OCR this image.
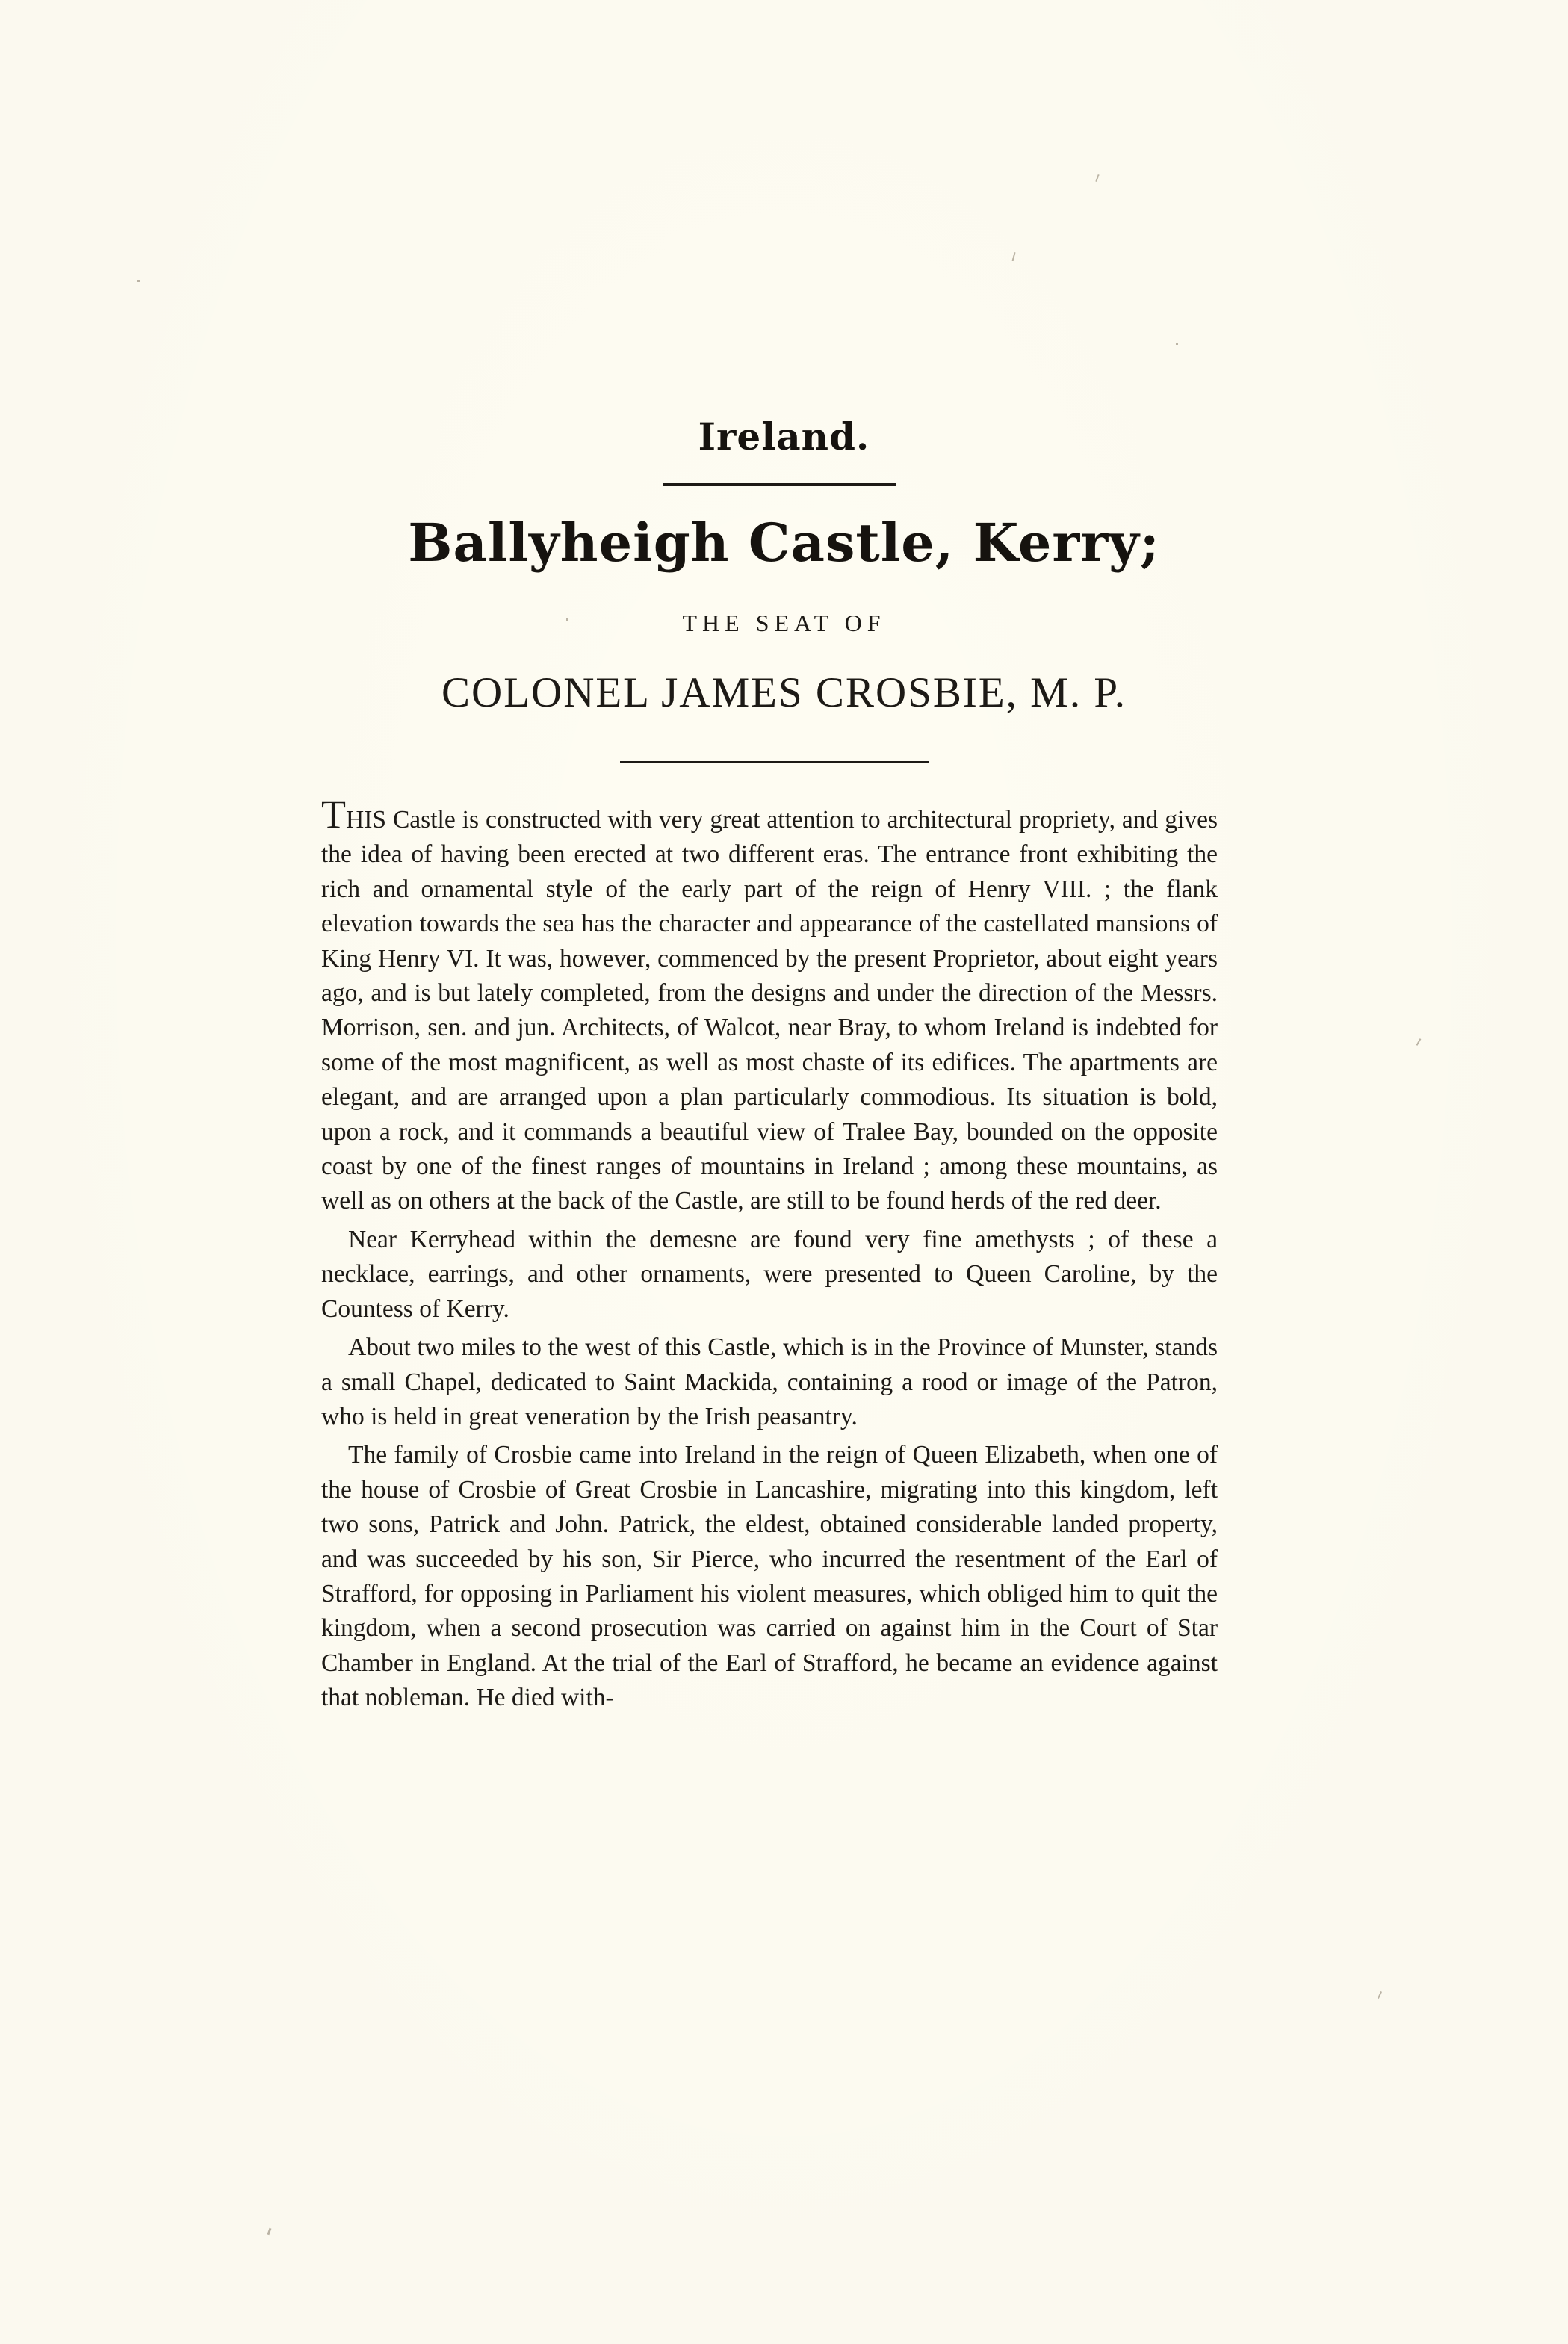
Ireland.
Ballyheigh Castle, Kerry;
THE SEAT OF
COLONEL JAMES CROSBIE, M. P.

THIS Castle is constructed with very great attention to architectural propriety, and gives the idea of having been erected at two different eras. The entrance front exhibiting the rich and ornamental style of the early part of the reign of Henry VIII. ; the flank elevation towards the sea has the character and appearance of the castellated mansions of King Henry VI. It was, however, commenced by the present Proprietor, about eight years ago, and is but lately completed, from the designs and under the direction of the Messrs. Morrison, sen. and jun. Architects, of Walcot, near Bray, to whom Ireland is indebted for some of the most magnificent, as well as most chaste of its edifices. The apartments are elegant, and are arranged upon a plan particularly commodious. Its situation is bold, upon a rock, and it commands a beautiful view of Tralee Bay, bounded on the opposite coast by one of the finest ranges of mountains in Ireland ; among these mountains, as well as on others at the back of the Castle, are still to be found herds of the red deer.

Near Kerryhead within the demesne are found very fine amethysts ; of these a necklace, earrings, and other ornaments, were presented to Queen Caroline, by the Countess of Kerry.

About two miles to the west of this Castle, which is in the Province of Munster, stands a small Chapel, dedicated to Saint Mackida, containing a rood or image of the Patron, who is held in great veneration by the Irish peasantry.

The family of Crosbie came into Ireland in the reign of Queen Elizabeth, when one of the house of Crosbie of Great Crosbie in Lancashire, migrating into this kingdom, left two sons, Patrick and John. Patrick, the eldest, obtained considerable landed property, and was succeeded by his son, Sir Pierce, who incurred the resentment of the Earl of Strafford, for opposing in Parliament his violent measures, which obliged him to quit the kingdom, when a second prosecution was carried on against him in the Court of Star Chamber in England. At the trial of the Earl of Strafford, he became an evidence against that nobleman. He died with-
